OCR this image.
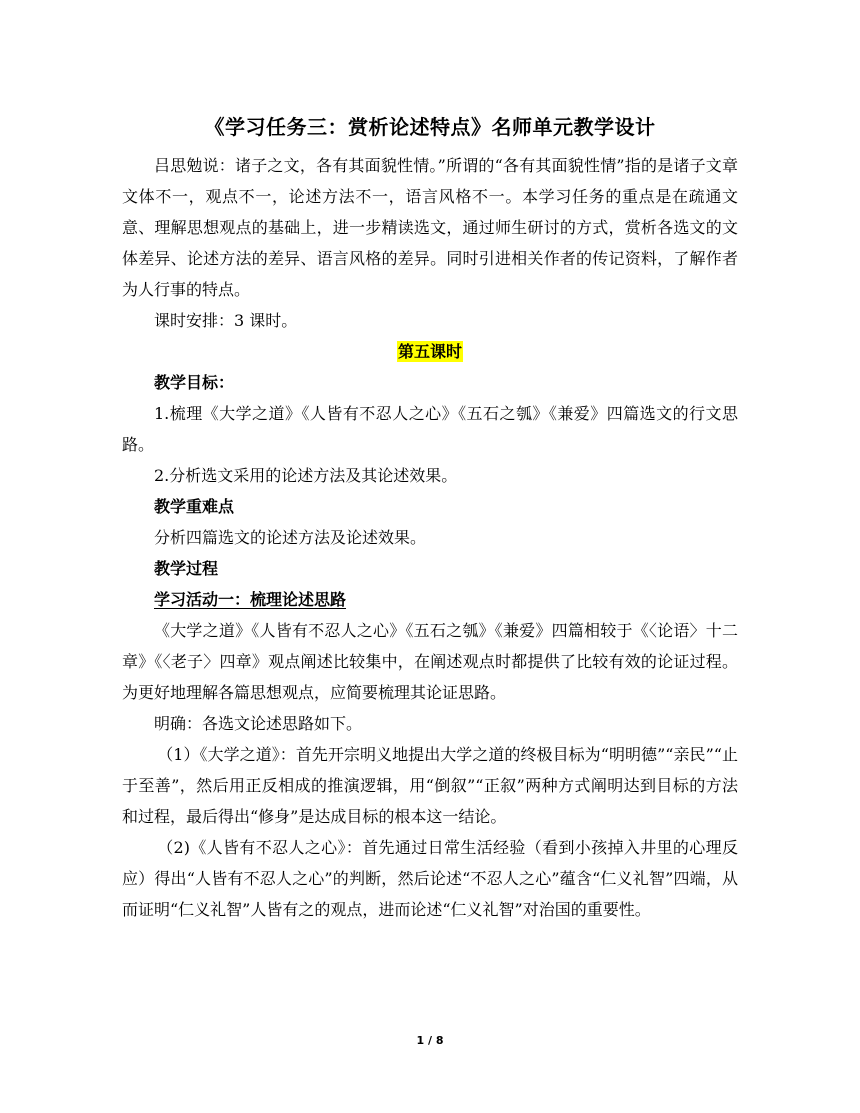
《学习任务三：赏析论述特点》名师单元教学设计

吕思勉说：诸子之文，各有其面貌性情。”所谓的“各有其面貌性情”指的是诸子文章文体不一，观点不一，论述方法不一，语言风格不一。本学习任务的重点是在疏通文意、理解思想观点的基础上，进一步精读选文，通过师生研讨的方式，赏析各选文的文体差异、论述方法的差异、语言风格的差异。同时引进相关作者的传记资料，了解作者为人行事的特点。

课时安排：3 课时。

第五课时

教学目标：

1.梳理《大学之道》《人皆有不忍人之心》《五石之瓠》《兼爱》四篇选文的行文思路。

2.分析选文采用的论述方法及其论述效果。

教学重难点

分析四篇选文的论述方法及论述效果。

教学过程

学习活动一：梳理论述思路

《大学之道》《人皆有不忍人之心》《五石之瓠》《兼爱》四篇相较于《〈论语〉十二章》《〈老子〉四章》观点阐述比较集中，在阐述观点时都提供了比较有效的论证过程。为更好地理解各篇思想观点，应简要梳理其论证思路。

明确：各选文论述思路如下。

（1）《大学之道》：首先开宗明义地提出大学之道的终极目标为“明明德”“亲民”“止于至善”，然后用正反相成的推演逻辑，用“倒叙”“正叙”两种方式阐明达到目标的方法和过程，最后得出“修身”是达成目标的根本这一结论。

（2)《人皆有不忍人之心》：首先通过日常生活经验（看到小孩掉入井里的心理反应）得出“人皆有不忍人之心”的判断，然后论述“不忍人之心”蕴含“仁义礼智”四端，从而证明“仁义礼智”人皆有之的观点，进而论述“仁义礼智”对治国的重要性。

1 / 8
